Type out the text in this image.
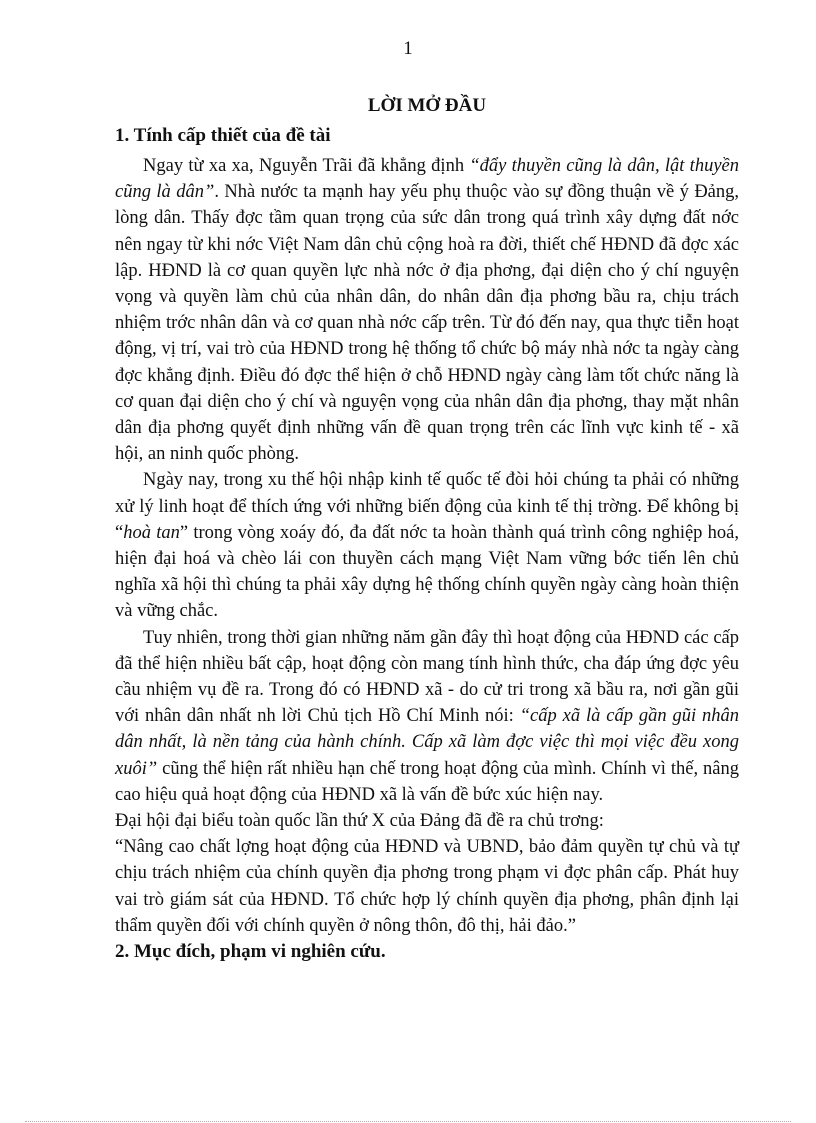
1
LỜI MỞ ĐẦU
1. Tính cấp thiết của đề tài

Ngay từ xa xa, Nguyễn Trãi đã khẳng định “đẩy thuyền cũng là dân, lật thuyền cũng là dân”. Nhà nước ta mạnh hay yếu phụ thuộc vào sự đồng thuận về ý Đảng, lòng dân. Thấy đợc tầm quan trọng của sức dân trong quá trình xây dựng đất nớc nên ngay từ khi nớc Việt Nam dân chủ cộng hoà ra đời, thiết chế HĐND đã đợc xác lập. HĐND là cơ quan quyền lực nhà nớc ở địa phơng, đại diện cho ý chí nguyện vọng và quyền làm chủ của nhân dân, do nhân dân địa phơng bầu ra, chịu trách nhiệm trớc nhân dân và cơ quan nhà nớc cấp trên. Từ đó đến nay, qua thực tiễn hoạt động, vị trí, vai trò của HĐND trong hệ thống tổ chức bộ máy nhà nớc ta ngày càng đợc khẳng định. Điều đó đợc thể hiện ở chỗ HĐND ngày càng làm tốt chức năng là cơ quan đại diện cho ý chí và nguyện vọng của nhân dân địa phơng, thay mặt nhân dân địa phơng quyết định những vấn đề quan trọng trên các lĩnh vực kinh tế - xã hội, an ninh quốc phòng.

Ngày nay, trong xu thế hội nhập kinh tế quốc tế đòi hỏi chúng ta phải có những xử lý linh hoạt để thích ứng với những biến động của kinh tế thị trờng. Để không bị “hoà tan” trong vòng xoáy đó, đa đất nớc ta hoàn thành quá trình công nghiệp hoá, hiện đại hoá và chèo lái con thuyền cách mạng Việt Nam vững bớc tiến lên chủ nghĩa xã hội thì chúng ta phải xây dựng hệ thống chính quyền ngày càng hoàn thiện và vững chắc.

Tuy nhiên, trong thời gian những năm gần đây thì hoạt động của HĐND các cấp đã thể hiện nhiều bất cập, hoạt động còn mang tính hình thức, cha đáp ứng đợc yêu cầu nhiệm vụ đề ra. Trong đó có HĐND xã - do cử tri trong xã bầu ra, nơi gần gũi với nhân dân nhất nh lời Chủ tịch Hồ Chí Minh nói: “cấp xã là cấp gần gũi nhân dân nhất, là nền tảng của hành chính. Cấp xã làm đợc việc thì mọi việc đều xong xuôi” cũng thể hiện rất nhiều hạn chế trong hoạt động của mình. Chính vì thế, nâng cao hiệu quả hoạt động của HĐND xã là vấn đề bức xúc hiện nay.

Đại hội đại biểu toàn quốc lần thứ X của Đảng đã đề ra chủ trơng:

“Nâng cao chất lợng hoạt động của HĐND và UBND, bảo đảm quyền tự chủ và tự chịu trách nhiệm của chính quyền địa phơng trong phạm vi đợc phân cấp. Phát huy vai trò giám sát của HĐND. Tổ chức hợp lý chính quyền địa phơng, phân định lại thẩm quyền đối với chính quyền ở nông thôn, đô thị, hải đảo.”

2. Mục đích, phạm vi nghiên cứu.
